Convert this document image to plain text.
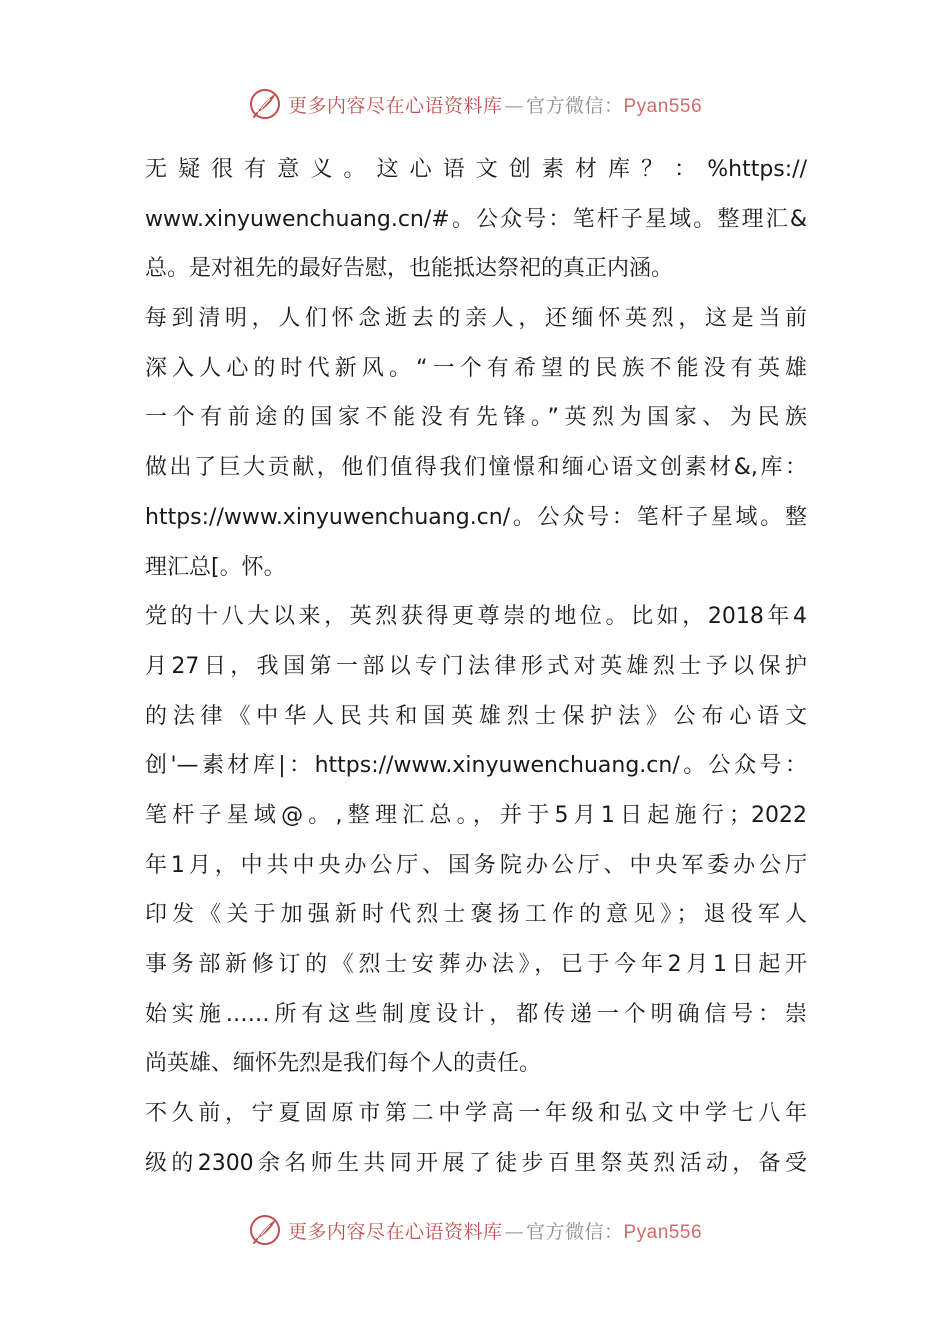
更多内容尽在心语资料库 — 官方微信：Pyan556
无疑很有意义。这心语文创素材库？：%https://
www.xinyuwenchuang.cn/#。公众号：笔杆子星域。整理汇&
总。是对祖先的最好告慰，也能抵达祭祀的真正内涵。
每到清明，人们怀念逝去的亲人，还缅怀英烈，这是当前
深入人心的时代新风。“一个有希望的民族不能没有英雄
一个有前途的国家不能没有先锋。”英烈为国家、为民族
做出了巨大贡献，他们值得我们憧憬和缅心语文创素材&,库：
https://www.xinyuwenchuang.cn/。公众号：笔杆子星域。整
理汇总[。怀。
党的十八大以来，英烈获得更尊崇的地位。比如，2018年4
月27日，我国第一部以专门法律形式对英雄烈士予以保护
的法律《中华人民共和国英雄烈士保护法》公布心语文
创'—素材库|：https://www.xinyuwenchuang.cn/。公众号：
笔杆子星域@。,整理汇总。，并于5月1日起施行；2022
年1月，中共中央办公厅、国务院办公厅、中央军委办公厅
印发《关于加强新时代烈士褒扬工作的意见》；退役军人
事务部新修订的《烈士安葬办法》，已于今年2月1日起开
始实施……所有这些制度设计，都传递一个明确信号：崇
尚英雄、缅怀先烈是我们每个人的责任。
不久前，宁夏固原市第二中学高一年级和弘文中学七八年
级的2300余名师生共同开展了徒步百里祭英烈活动，备受
更多内容尽在心语资料库 — 官方微信：Pyan556
